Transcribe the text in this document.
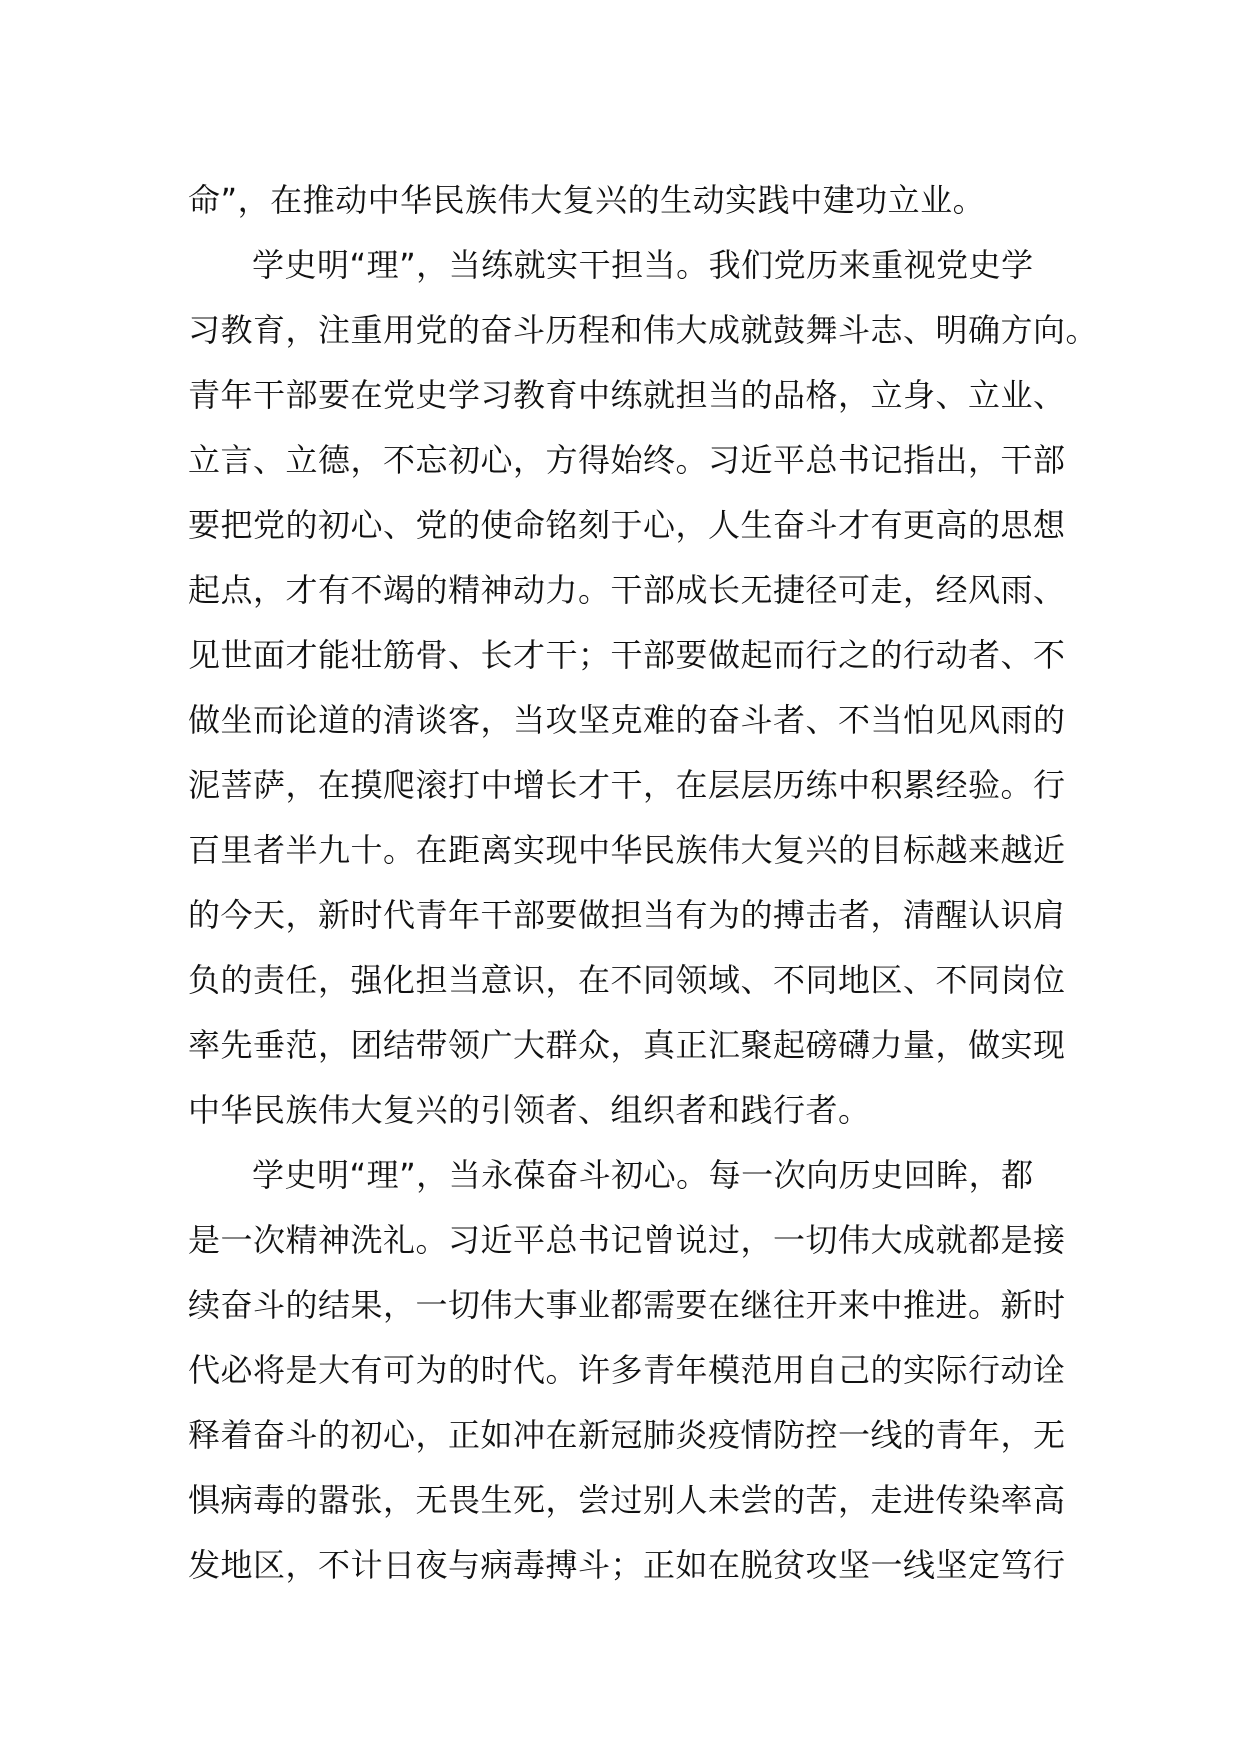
命”，在推动中华民族伟大复兴的生动实践中建功立业。
学史明“理”，当练就实干担当。我们党历来重视党史学
习教育，注重用党的奋斗历程和伟大成就鼓舞斗志、明确方向。
青年干部要在党史学习教育中练就担当的品格，立身、立业、
立言、立德，不忘初心，方得始终。习近平总书记指出，干部
要把党的初心、党的使命铭刻于心，人生奋斗才有更高的思想
起点，才有不竭的精神动力。干部成长无捷径可走，经风雨、
见世面才能壮筋骨、长才干；干部要做起而行之的行动者、不
做坐而论道的清谈客，当攻坚克难的奋斗者、不当怕见风雨的
泥菩萨，在摸爬滚打中增长才干，在层层历练中积累经验。行
百里者半九十。在距离实现中华民族伟大复兴的目标越来越近
的今天，新时代青年干部要做担当有为的搏击者，清醒认识肩
负的责任，强化担当意识，在不同领域、不同地区、不同岗位
率先垂范，团结带领广大群众，真正汇聚起磅礴力量，做实现
中华民族伟大复兴的引领者、组织者和践行者。
学史明“理”，当永葆奋斗初心。每一次向历史回眸，都
是一次精神洗礼。习近平总书记曾说过，一切伟大成就都是接
续奋斗的结果，一切伟大事业都需要在继往开来中推进。新时
代必将是大有可为的时代。许多青年模范用自己的实际行动诠
释着奋斗的初心，正如冲在新冠肺炎疫情防控一线的青年，无
惧病毒的嚣张，无畏生死，尝过别人未尝的苦，走进传染率高
发地区，不计日夜与病毒搏斗；正如在脱贫攻坚一线坚定笃行
